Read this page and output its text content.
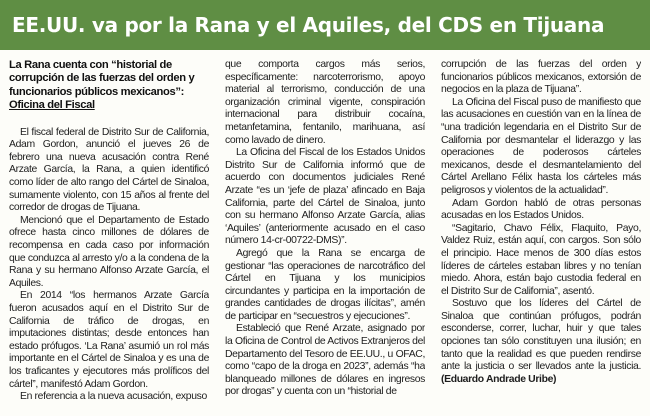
EE.UU. va por la Rana y el Aquiles, del CDS en Tijuana
La Rana cuenta con “historial de corrupción de las fuerzas del orden y funcionarios públicos mexicanos”:
Oficina del Fiscal

El fiscal federal de Distrito Sur de California, Adam Gordon, anunció el jueves 26 de febrero una nueva acusación contra René Arzate García, la Rana, a quien identificó como líder de alto rango del Cártel de Sinaloa, sumamente violento, con 15 años al frente del corredor de drogas de Tijuana.

Mencionó que el Departamento de Estado ofrece hasta cinco millones de dólares de recompensa en cada caso por información que conduzca al arresto y/o a la condena de la Rana y su hermano Alfonso Arzate García, el Aquiles.

En 2014 “los hermanos Arzate García fueron acusados aquí en el Distrito Sur de California de tráfico de drogas, en imputaciones distintas; desde entonces han estado prófugos. ‘La Rana’ asumió un rol más importante en el Cártel de Sinaloa y es una de los traficantes y ejecutores más prolíficos del cártel”, manifestó Adam Gordon.

En referencia a la nueva acusación, expuso

que comporta cargos más serios, específicamente: narcoterrorismo, apoyo material al terrorismo, conducción de una organización criminal vigente, conspiración internacional para distribuir cocaína, metanfetamina, fentanilo, marihuana, así como lavado de dinero.

La Oficina del Fiscal de los Estados Unidos Distrito Sur de California informó que de acuerdo con documentos judiciales René Arzate “es un ‘jefe de plaza’ afincado en Baja California, parte del Cártel de Sinaloa, junto con su hermano Alfonso Arzate García, alias ‘Aquiles’ (anteriormente acusado en el caso número 14-cr-00722-DMS)”.

Agregó que la Rana se encarga de gestionar “las operaciones de narcotráfico del Cártel en Tijuana y los municipios circundantes y participa en la importación de grandes cantidades de drogas ilícitas”, amén de participar en “secuestros y ejecuciones”.

Estableció que René Arzate, asignado por la Oficina de Control de Activos Extranjeros del Departamento del Tesoro de EE.UU., u OFAC, como “capo de la droga en 2023”, además “ha blanqueado millones de dólares en ingresos por drogas” y cuenta con un “historial de

corrupción de las fuerzas del orden y funcionarios públicos mexicanos, extorsión de negocios en la plaza de Tijuana”.

La Oficina del Fiscal puso de manifiesto que las acusaciones en cuestión van en la línea de “una tradición legendaria en el Distrito Sur de California por desmantelar el liderazgo y las operaciones de poderosos cárteles mexicanos, desde el desmantelamiento del Cártel Arellano Félix hasta los cárteles más peligrosos y violentos de la actualidad”.

Adam Gordon habló de otras personas acusadas en los Estados Unidos.

“Sagitario, Chavo Félix, Flaquito, Payo, Valdez Ruiz, están aquí, con cargos. Son sólo el principio. Hace menos de 300 días estos líderes de cárteles estaban libres y no tenían miedo. Ahora, están bajo custodia federal en el Distrito Sur de California”, asentó.

Sostuvo que los líderes del Cártel de Sinaloa que continúan prófugos, podrán esconderse, correr, luchar, huir y que tales opciones tan sólo constituyen una ilusión; en tanto que la realidad es que pueden rendirse ante la justicia o ser llevados ante la justicia. (Eduardo Andrade Uribe)
